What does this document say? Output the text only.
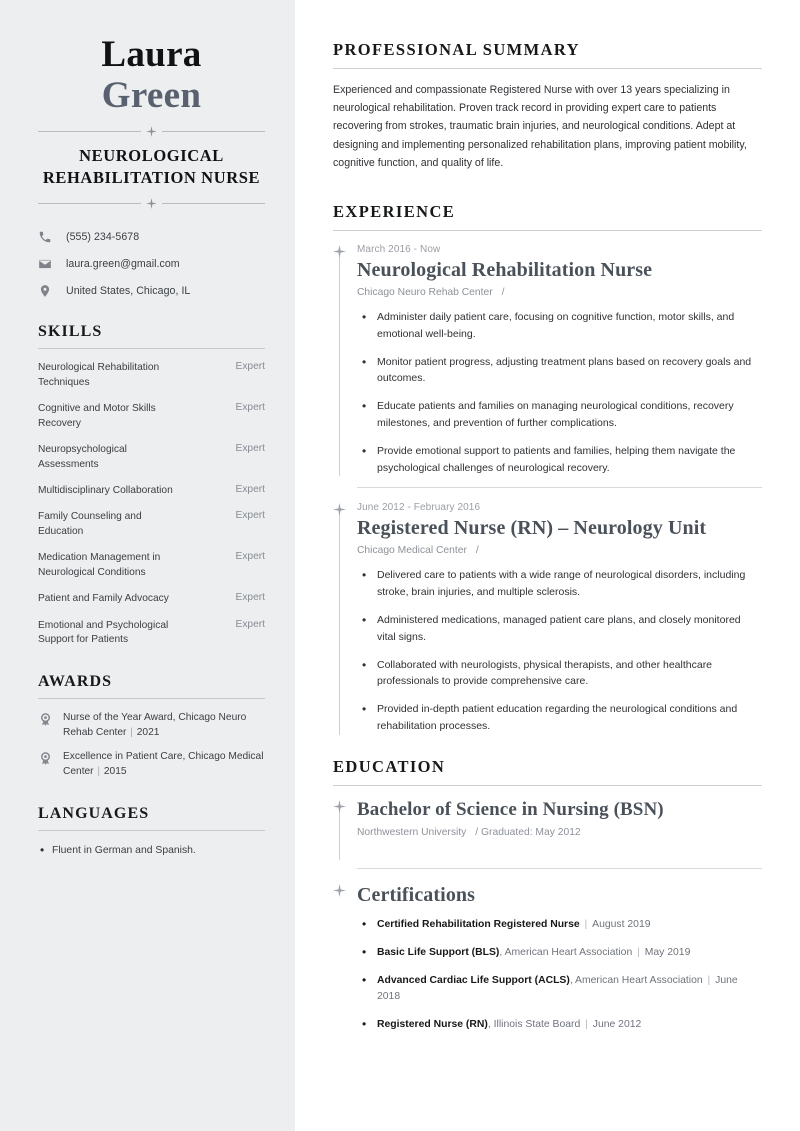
Laura
Green
NEUROLOGICAL REHABILITATION NURSE
(555) 234-5678
laura.green@gmail.com
United States, Chicago, IL
SKILLS
Neurological Rehabilitation Techniques
Expert
Cognitive and Motor Skills Recovery
Expert
Neuropsychological Assessments
Expert
Multidisciplinary Collaboration	Expert
Family Counseling and Education
Expert
Medication Management in Neurological Conditions
Expert
Patient and Family Advocacy	Expert
Emotional and Psychological Support for Patients
Expert
AWARDS
Nurse of the Year Award, Chicago Neuro Rehab Center | 2021
Excellence in Patient Care, Chicago Medical Center | 2015
LANGUAGES
• Fluent in German and Spanish.
PROFESSIONAL SUMMARY

Experienced and compassionate Registered Nurse with over 13 years specializing in neurological rehabilitation. Proven track record in providing expert care to patients recovering from strokes, traumatic brain injuries, and neurological conditions. Adept at designing and implementing personalized rehabilitation plans, improving patient mobility, cognitive function, and quality of life.

EXPERIENCE
March 2016 - Now
Neurological Rehabilitation Nurse
Chicago Neuro Rehab Center /
• Administer daily patient care, focusing on cognitive function, motor skills, and emotional well-being.
• Monitor patient progress, adjusting treatment plans based on recovery goals and outcomes.
• Educate patients and families on managing neurological conditions, recovery milestones, and prevention of further complications.
• Provide emotional support to patients and families, helping them navigate the psychological challenges of neurological recovery.
June 2012 - February 2016
Registered Nurse (RN) – Neurology Unit
Chicago Medical Center /
• Delivered care to patients with a wide range of neurological disorders, including stroke, brain injuries, and multiple sclerosis.
• Administered medications, managed patient care plans, and closely monitored vital signs.
• Collaborated with neurologists, physical therapists, and other healthcare professionals to provide comprehensive care.
• Provided in-depth patient education regarding the neurological conditions and rehabilitation processes.
EDUCATION
Bachelor of Science in Nursing (BSN)
Northwestern University / Graduated: May 2012
Certifications
• Certified Rehabilitation Registered Nurse | August 2019
• Basic Life Support (BLS), American Heart Association | May 2019
• Advanced Cardiac Life Support (ACLS), American Heart Association | June 2018
• Registered Nurse (RN), Illinois State Board | June 2012
